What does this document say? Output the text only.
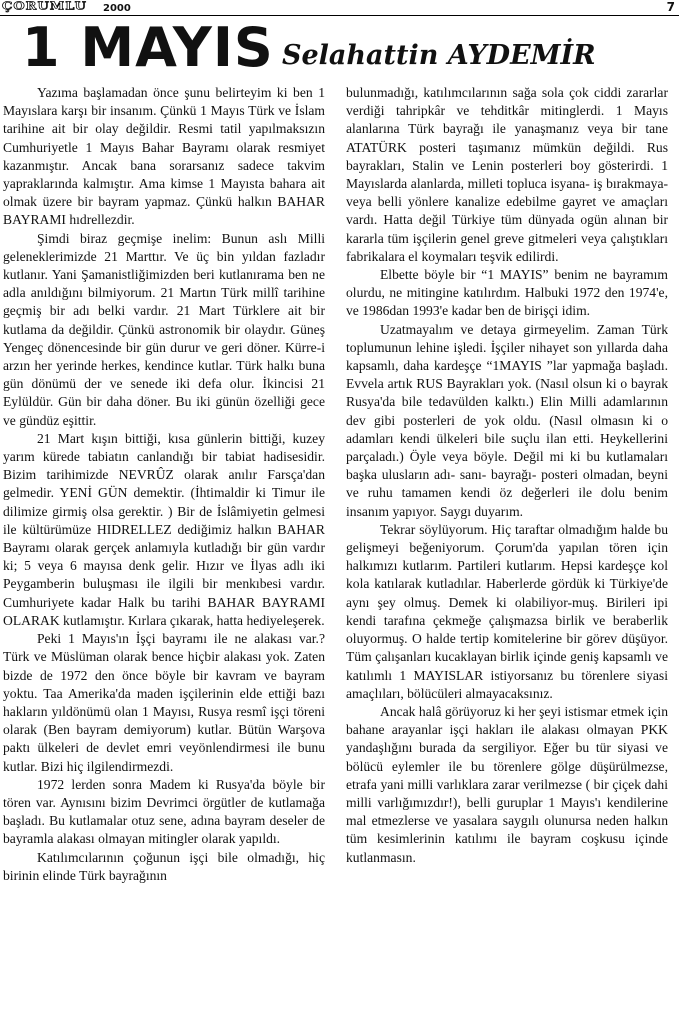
ÇORUMLU 2000	7
1 MAYIS Selahattin AYDEMİR

Yazıma başlamadan önce şunu belirteyim ki ben 1 Mayıslara karşı bir insanım. Çünkü 1 Mayıs Türk ve İslam tarihine ait bir olay değildir. Resmi tatil yapılmaksızın Cumhuriyetle 1 Mayıs Bahar Bayramı olarak resmiyet kazanmıştır. Ancak bana sorarsanız sadece takvim yapraklarında kalmıştır. Ama kimse 1 Mayısta bahara ait olmak üzere bir bayram yapmaz. Çünkü halkın BAHAR BAYRAMI hıdrellezdir.

Şimdi biraz geçmişe inelim: Bunun aslı Milli geleneklerimizde 21 Marttır. Ve üç bin yıldan fazladır kutlanır. Yani Şamanistliğimizden beri kutlanırama ben ne adla anıldığını bilmiyorum. 21 Martın Türk millî tarihine geçmiş bir adı belki vardır. 21 Mart Türklere ait bir kutlama da değildir. Çünkü astronomik bir olaydır. Güneş Yengeç dönencesinde bir gün durur ve geri döner. Kürre-i arzın her yerinde herkes, kendince kutlar. Türk halkı buna gün dönümü der ve senede iki defa olur. İkincisi 21 Eylüldür. Gün bir daha döner. Bu iki günün özelliği gece ve gündüz eşittir.

21 Mart kışın bittiği, kısa günlerin bittiği, kuzey yarım kürede tabiatın canlandığı bir tabiat hadisesidir. Bizim tarihimizde NEVRÛZ olarak anılır Farsça'dan gelmedir. YENİ GÜN demektir. (İhtimaldir ki Timur ile dilimize girmiş olsa gerektir. ) Bir de İslâmiyetin gelmesi ile kültürümüze HIDRELLEZ dediğimiz halkın BAHAR Bayramı olarak gerçek anlamıyla kutladığı bir gün vardır ki; 5 veya 6 mayısa denk gelir. Hızır ve İlyas adlı iki Peygamberin buluşması ile ilgili bir menkıbesi vardır. Cumhuriyete kadar Halk bu tarihi BAHAR BAYRAMI OLARAK kutlamıştır. Kırlara çıkarak, hatta hediyeleşerek.

Peki 1 Mayıs'ın İşçi bayramı ile ne alakası var.? Türk ve Müslüman olarak bence hiçbir alakası yok. Zaten bizde de 1972 den önce böyle bir kavram ve bayram yoktu. Taa Amerika'da maden işçilerinin elde ettiği bazı hakların yıldönümü olan 1 Mayısı, Rusya resmî işçi töreni olarak (Ben bayram demiyorum) kutlar. Bütün Warşova paktı ülkeleri de devlet emri veyönlendirmesi ile bunu kutlar. Bizi hiç ilgilendirmezdi.

1972 lerden sonra Madem ki Rusya'da böyle bir tören var. Aynısını bizim Devrimci örgütler de kutlamağa başladı. Bu kutlamalar otuz sene, adına bayram deseler de bayramla alakası olmayan mitingler olarak yapıldı.

Katılımcılarının çoğunun işçi bile olmadığı, hiç birinin elinde Türk bayrağının

bulunmadığı, katılımcılarının sağa sola çok ciddi zararlar verdiği tahripkâr ve tehditkâr mitinglerdi. 1 Mayıs alanlarına Türk bayrağı ile yanaşmanız veya bir tane ATATÜRK posteri taşımanız mümkün değildi. Rus bayrakları, Stalin ve Lenin posterleri boy gösterirdi. 1 Mayıslarda alanlarda, milleti topluca isyana- iş bırakmaya- veya belli yönlere kanalize edebilme gayret ve amaçları vardı. Hatta değil Türkiye tüm dünyada ogün alınan bir kararla tüm işçilerin genel greve gitmeleri veya çalıştıkları fabrikalara el koymaları teşvik edilirdi.

Elbette böyle bir “1 MAYIS” benim ne bayramım olurdu, ne mitingine katılırdım. Halbuki 1972 den 1974'e, ve 1986dan 1993'e kadar ben de birişçi idim.

Uzatmayalım ve detaya girmeyelim. Zaman Türk toplumunun lehine işledi. İşçiler nihayet son yıllarda daha kapsamlı, daha kardeşçe “1MAYIS ”lar yapmağa başladı. Evvela artık RUS Bayrakları yok. (Nasıl olsun ki o bayrak Rusya'da bile tedavülden kalktı.) Elin Milli adamlarının dev gibi posterleri de yok oldu. (Nasıl olmasın ki o adamları kendi ülkeleri bile suçlu ilan etti. Heykellerini parçaladı.) Öyle veya böyle. Değil mi ki bu kutlamaları başka ulusların adı- sanı- bayrağı- posteri olmadan, beyni ve ruhu tamamen kendi öz değerleri ile dolu benim insanım yapıyor. Saygı duyarım.

Tekrar söylüyorum. Hiç taraftar olmadığım halde bu gelişmeyi beğeniyorum. Çorum'da yapılan tören için halkımızı kutlarım. Partileri kutlarım. Hepsi kardeşçe kol kola katılarak kutladılar. Haberlerde gördük ki Türkiye'de aynı şey olmuş. Demek ki olabiliyor-muş. Birileri ipi kendi tarafına çekmeğe çalışmazsa birlik ve beraberlik oluyormuş. O halde tertip komitelerine bir görev düşüyor. Tüm çalışanları kucaklayan birlik içinde geniş kapsamlı ve katılımlı 1 MAYISLAR istiyorsanız bu törenlere siyasi amaçlıları, bölücüleri almayacaksınız.

Ancak halâ görüyoruz ki her şeyi istismar etmek için bahane arayanlar işçi hakları ile alakası olmayan PKK yandaşlığını burada da sergiliyor. Eğer bu tür siyasi ve bölücü eylemler ile bu törenlere gölge düşürülmezse, etrafa yani milli varlıklara zarar verilmezse ( bir çiçek dahi milli varlığımızdır!), belli guruplar 1 Mayıs'ı kendilerine mal etmezlerse ve yasalara saygılı olunursa neden halkın tüm kesimlerinin katılımı ile bayram coşkusu içinde kutlanmasın.
